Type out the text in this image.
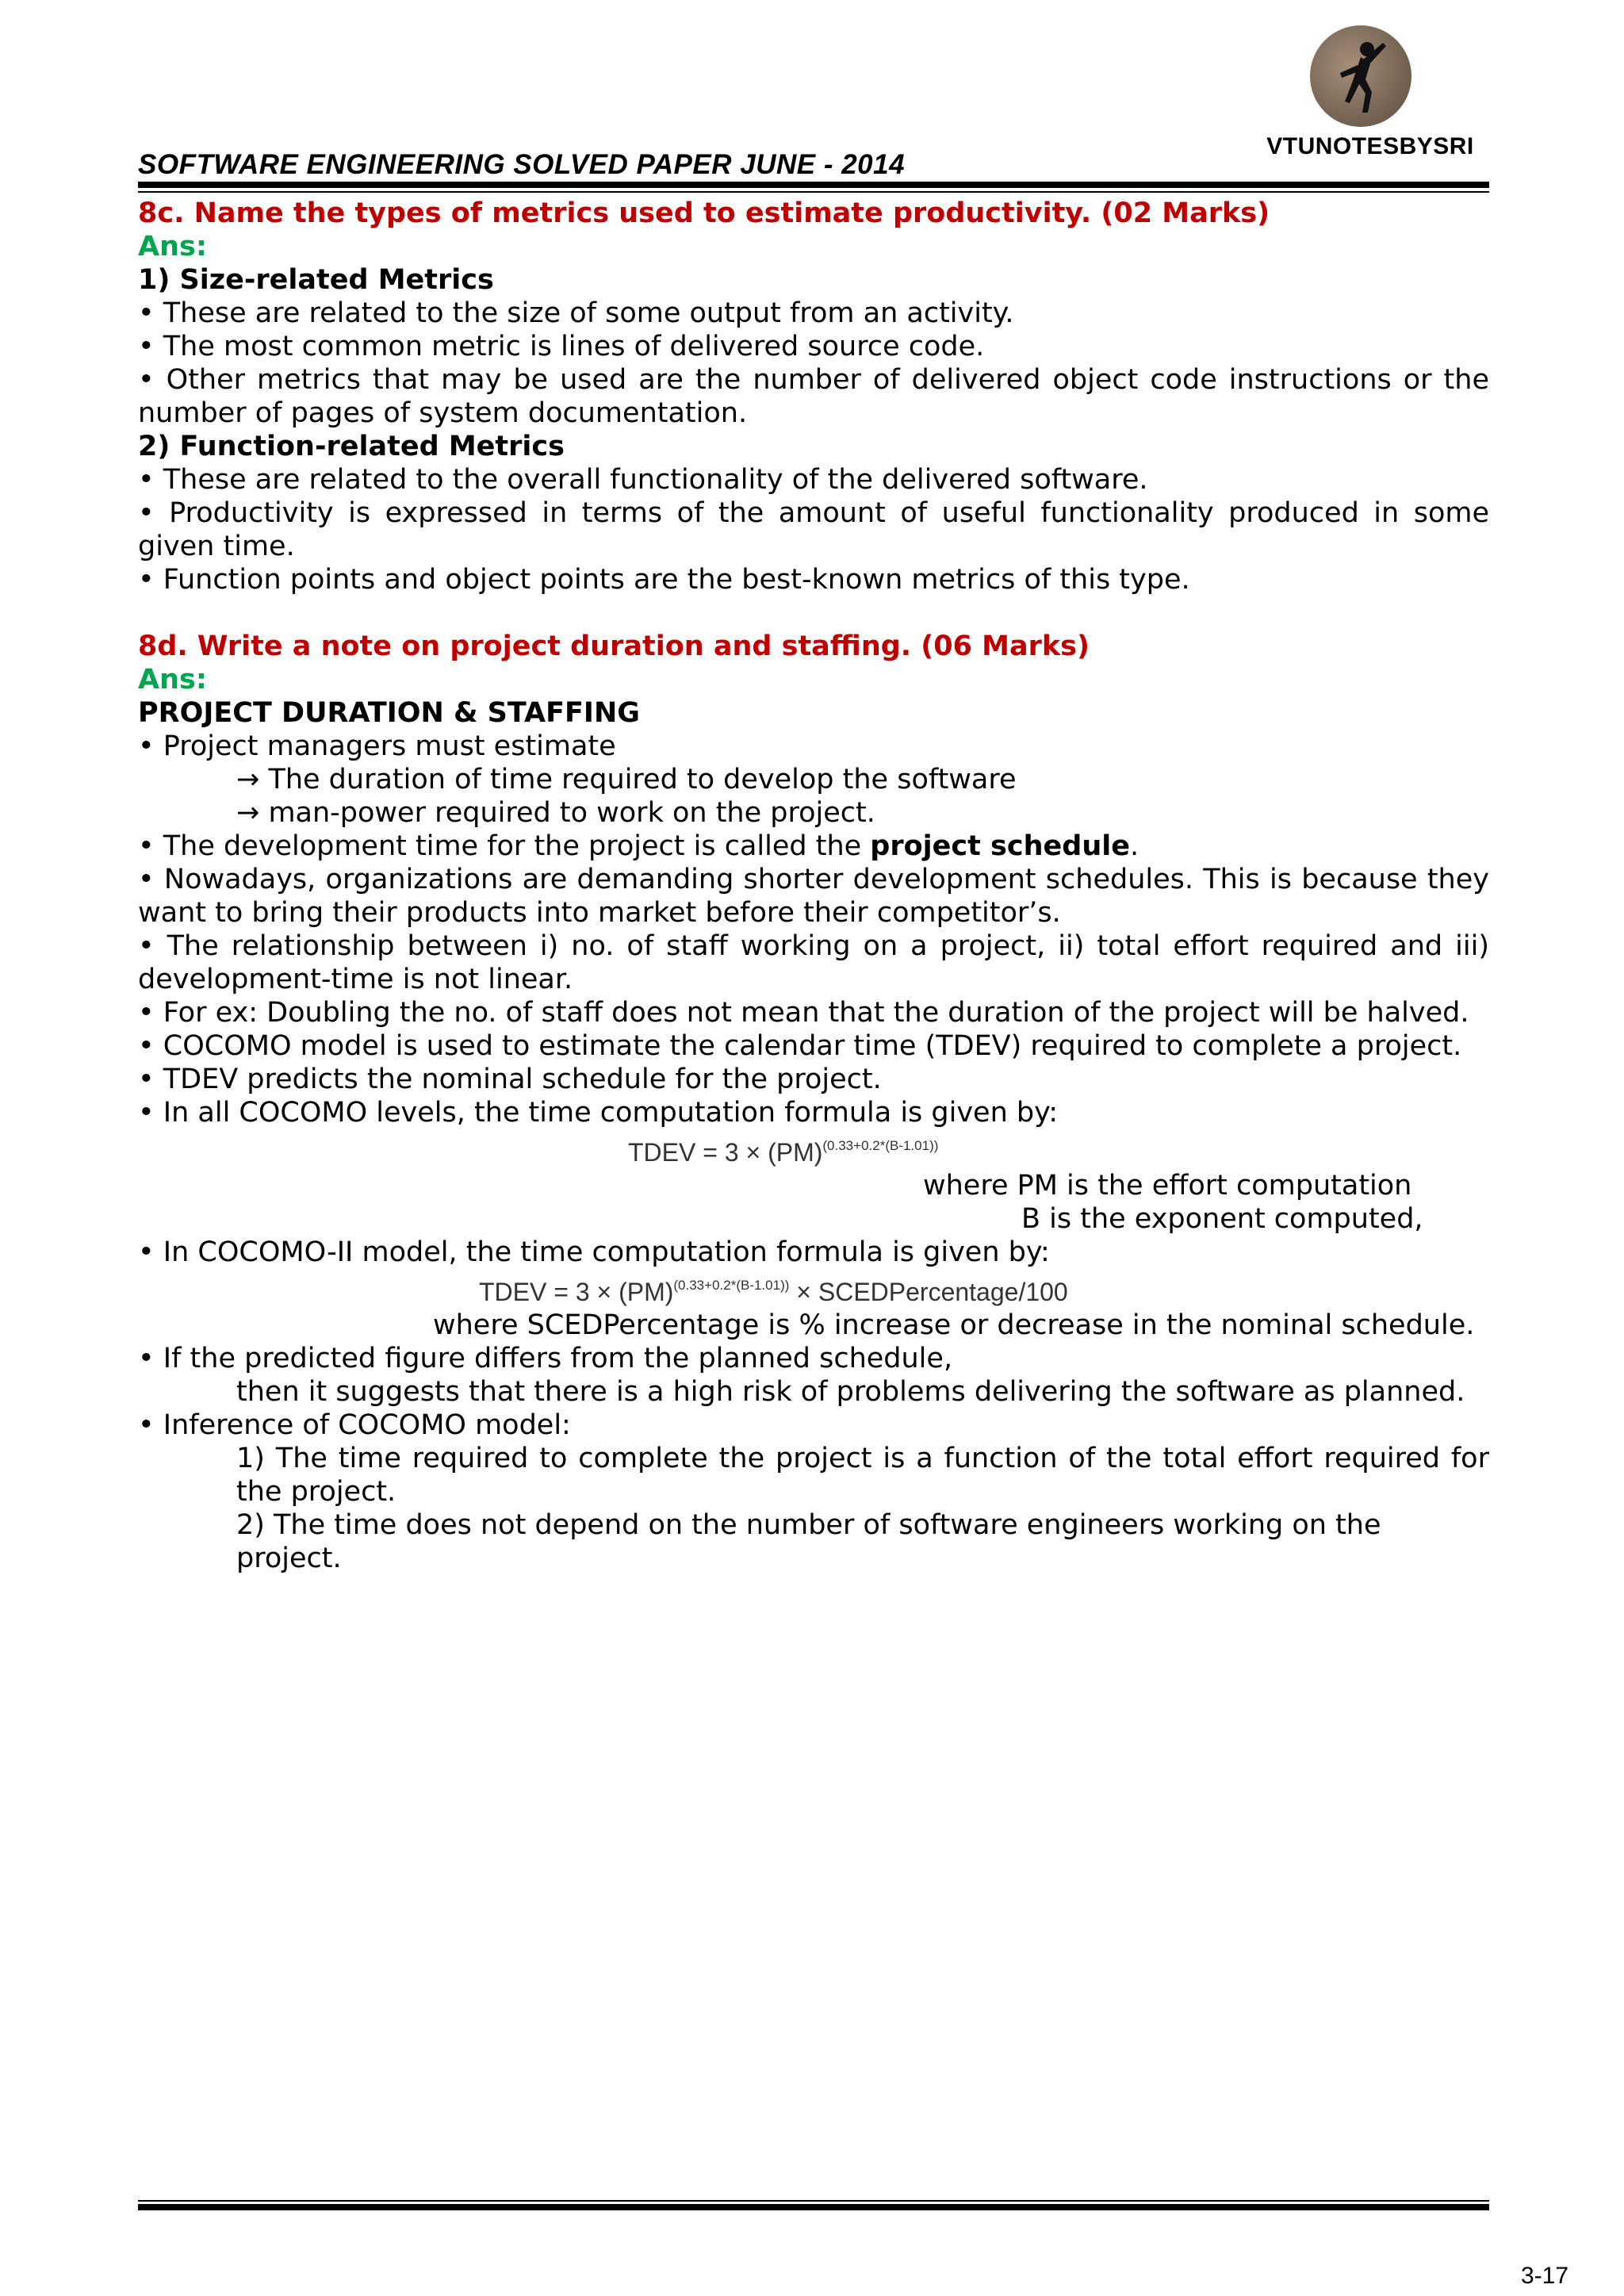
VTUNOTESBYSRI
SOFTWARE ENGINEERING SOLVED PAPER JUNE - 2014

8c. Name the types of metrics used to estimate productivity. (02 Marks)

Ans:

1) Size-related Metrics

• These are related to the size of some output from an activity.

• The most common metric is lines of delivered source code.

• Other metrics that may be used are the number of delivered object code instructions or the number of pages of system documentation.

2) Function-related Metrics

• These are related to the overall functionality of the delivered software.

• Productivity is expressed in terms of the amount of useful functionality produced in some given time.

• Function points and object points are the best-known metrics of this type.

8d. Write a note on project duration and staffing. (06 Marks)

Ans:

PROJECT DURATION & STAFFING

• Project managers must estimate

→ The duration of time required to develop the software

→ man-power required to work on the project.

• The development time for the project is called the project schedule.

• Nowadays, organizations are demanding shorter development schedules. This is because they want to bring their products into market before their competitor’s.

• The relationship between i) no. of staff working on a project, ii) total effort required and iii) development-time is not linear.

• For ex: Doubling the no. of staff does not mean that the duration of the project will be halved.

• COCOMO model is used to estimate the calendar time (TDEV) required to complete a project.

• TDEV predicts the nominal schedule for the project.

• In all COCOMO levels, the time computation formula is given by:

TDEV = 3 × (PM)$^{(0.33+0.2*(B-1.01))}$

where PM is the effort computation

B is the exponent computed,

• In COCOMO-II model, the time computation formula is given by:

TDEV = 3 × (PM)$^{(0.33+0.2*(B-1.01))}$ × SCEDPercentage/100

where SCEDPercentage is % increase or decrease in the nominal schedule.

• If the predicted figure differs from the planned schedule,

then it suggests that there is a high risk of problems delivering the software as planned.

• Inference of COCOMO model:

1) The time required to complete the project is a function of the total effort required for the project.

2) The time does not depend on the number of software engineers working on the project.

3-17
